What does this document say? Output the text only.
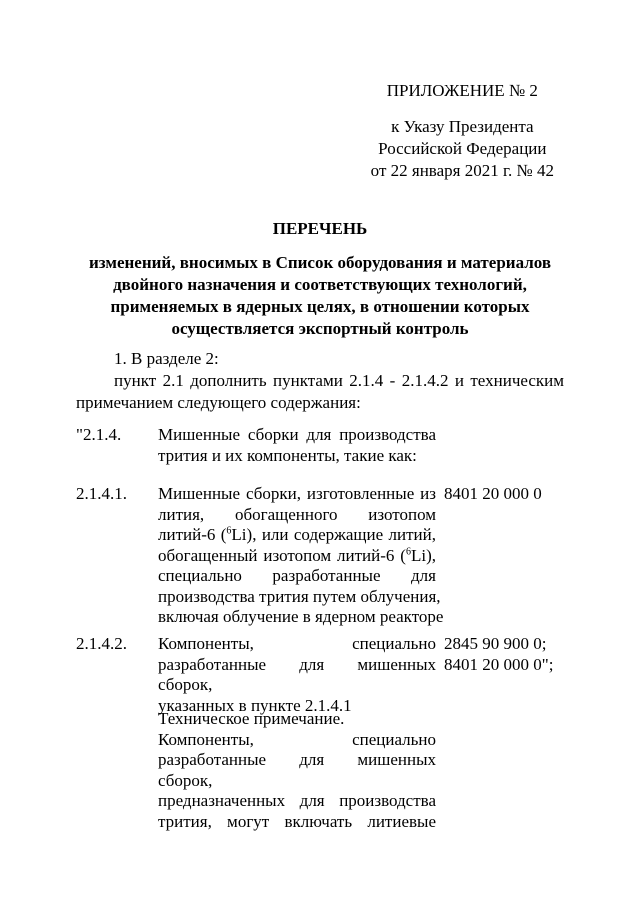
ПРИЛОЖЕНИЕ № 2
к Указу Президента
Российской Федерации
от 22 января 2021 г. № 42
ПЕРЕЧЕНЬ
изменений, вносимых в Список оборудования и материалов
двойного назначения и соответствующих технологий,
применяемых в ядерных целях, в отношении которых
осуществляется экспортный контроль
1. В разделе 2:
пункт 2.1 дополнить пунктами 2.1.4 - 2.1.4.2 и техническим примечанием следующего содержания:
"2.1.4. Мишенные сборки для производства
трития и их компоненты, такие как:
2.1.4.1. Мишенные сборки, изготовленные из
лития, обогащенного изотопом
литий-6 ($^6$Li), или содержащие литий,
обогащенный изотопом литий-6 ($^6$Li),
специально разработанные для
производства трития путем облучения,
включая облучение в ядерном реакторе
8401 20 000 0
2.1.4.2. Компоненты, специально
разработанные для мишенных сборок,
указанных в пункте 2.1.4.1
2845 90 900 0;
8401 20 000 0";
Техническое примечание.
Компоненты, специально
разработанные для мишенных сборок,
предназначенных для производства
трития, могут включать литиевые
